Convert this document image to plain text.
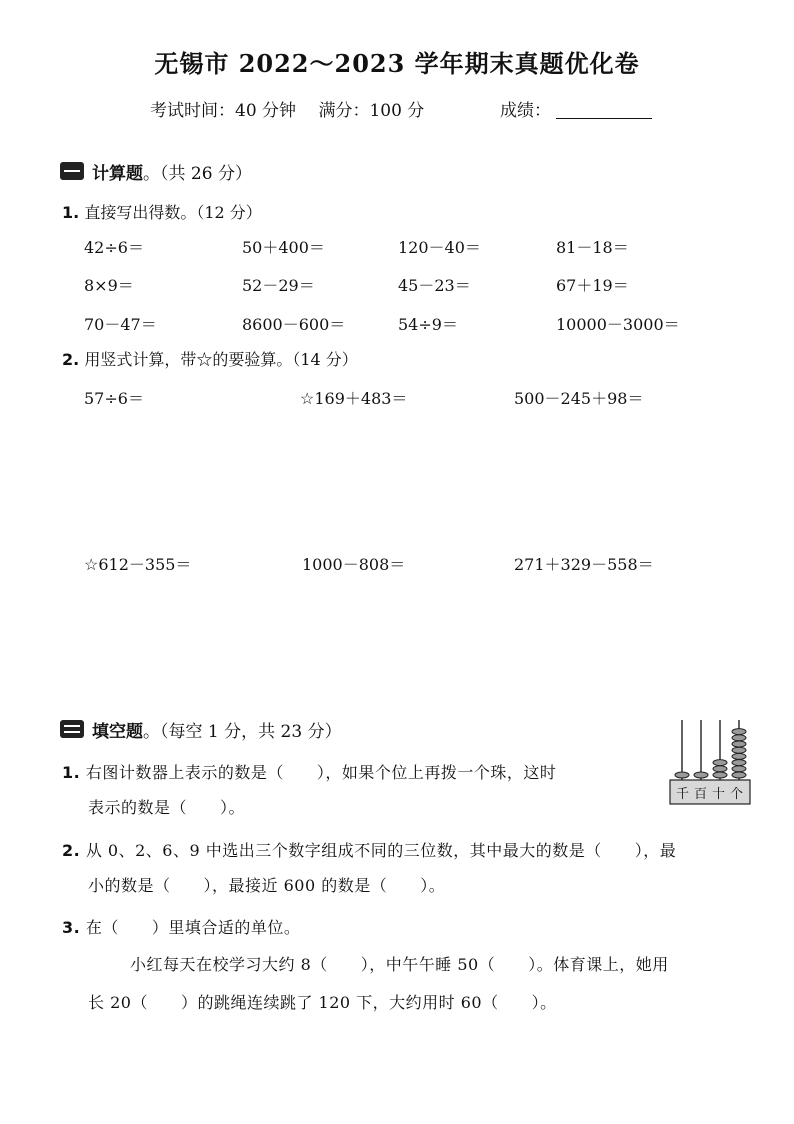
无锡市 2022～2023 学年期末真题优化卷
考试时间：40 分钟　 满分：100 分	成绩：
计算题。（共 26 分）
1. 直接写出得数。（12 分）
42÷6＝	50＋400＝	120－40＝	81－18＝
8×9＝	52－29＝	45－23＝	67＋19＝
70－47＝	8600－600＝	54÷9＝	10000－3000＝
2. 用竖式计算，带☆的要验算。（14 分）
57÷6＝	☆169＋483＝	500－245＋98＝
☆612－355＝	1000－808＝	271＋329－558＝
填空题。（每空 1 分，共 23 分）
千百十个
1. 右图计数器上表示的数是（　　），如果个位上再拨一个珠，这时
表示的数是（　　）。
2. 从 0、2、6、9 中选出三个数字组成不同的三位数，其中最大的数是（　　），最
小的数是（　　），最接近 600 的数是（　　）。
3. 在（　　）里填合适的单位。
小红每天在校学习大约 8（　　），中午午睡 50（　　）。体育课上，她用
长 20（　　）的跳绳连续跳了 120 下，大约用时 60（　　）。
